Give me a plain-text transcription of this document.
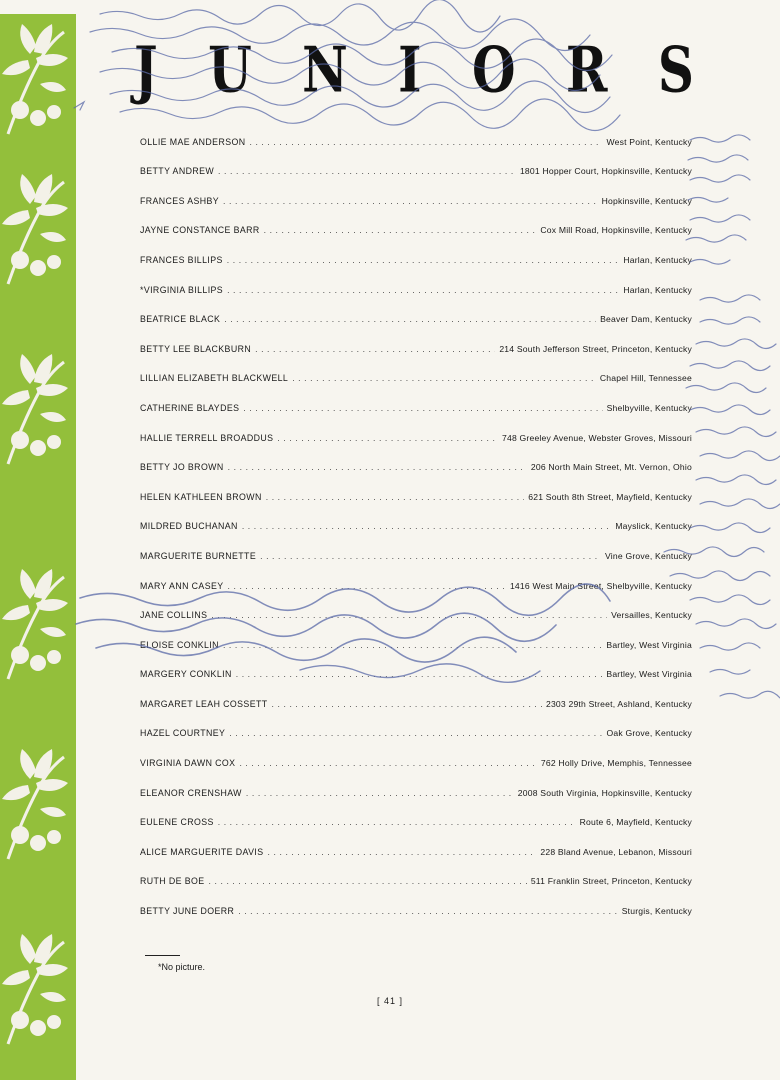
J U N I O R S
OLLIE MAE ANDERSON . . .	West Point, Kentucky
BETTY ANDREW . . .	1801 Hopper Court, Hopkinsville, Kentucky
FRANCES ASHBY . . .	Hopkinsville, Kentucky
JAYNE CONSTANCE BARR . . .	Cox Mill Road, Hopkinsville, Kentucky
FRANCES BILLIPS . . .	Harlan, Kentucky
*VIRGINIA BILLIPS . . .	Harlan, Kentucky
BEATRICE BLACK . . .	Beaver Dam, Kentucky
BETTY LEE BLACKBURN . . .	214 South Jefferson Street, Princeton, Kentucky
LILLIAN ELIZABETH BLACKWELL . . .	Chapel Hill, Tennessee
CATHERINE BLAYDES . . .	Shelbyville, Kentucky
HALLIE TERRELL BROADDUS . . .	748 Greeley Avenue, Webster Groves, Missouri
BETTY JO BROWN . . .	206 North Main Street, Mt. Vernon, Ohio
HELEN KATHLEEN BROWN . . .	621 South 8th Street, Mayfield, Kentucky
MILDRED BUCHANAN . . .	Mayslick, Kentucky
MARGUERITE BURNETTE . . .	Vine Grove, Kentucky
MARY ANN CASEY . . .	1416 West Main Street, Shelbyville, Kentucky
JANE COLLINS . . .	Versailles, Kentucky
ELOISE CONKLIN . . .	Bartley, West Virginia
MARGERY CONKLIN . . .	Bartley, West Virginia
MARGARET LEAH COSSETT . . .	2303 29th Street, Ashland, Kentucky
HAZEL COURTNEY . . .	Oak Grove, Kentucky
VIRGINIA DAWN COX . . .	762 Holly Drive, Memphis, Tennessee
ELEANOR CRENSHAW . . .	2008 South Virginia, Hopkinsville, Kentucky
EULENE CROSS . . .	Route 6, Mayfield, Kentucky
ALICE MARGUERITE DAVIS . . .	228 Bland Avenue, Lebanon, Missouri
RUTH DE BOE . . .	511 Franklin Street, Princeton, Kentucky
BETTY JUNE DOERR . . .	Sturgis, Kentucky
*No picture.
[ 41 ]
